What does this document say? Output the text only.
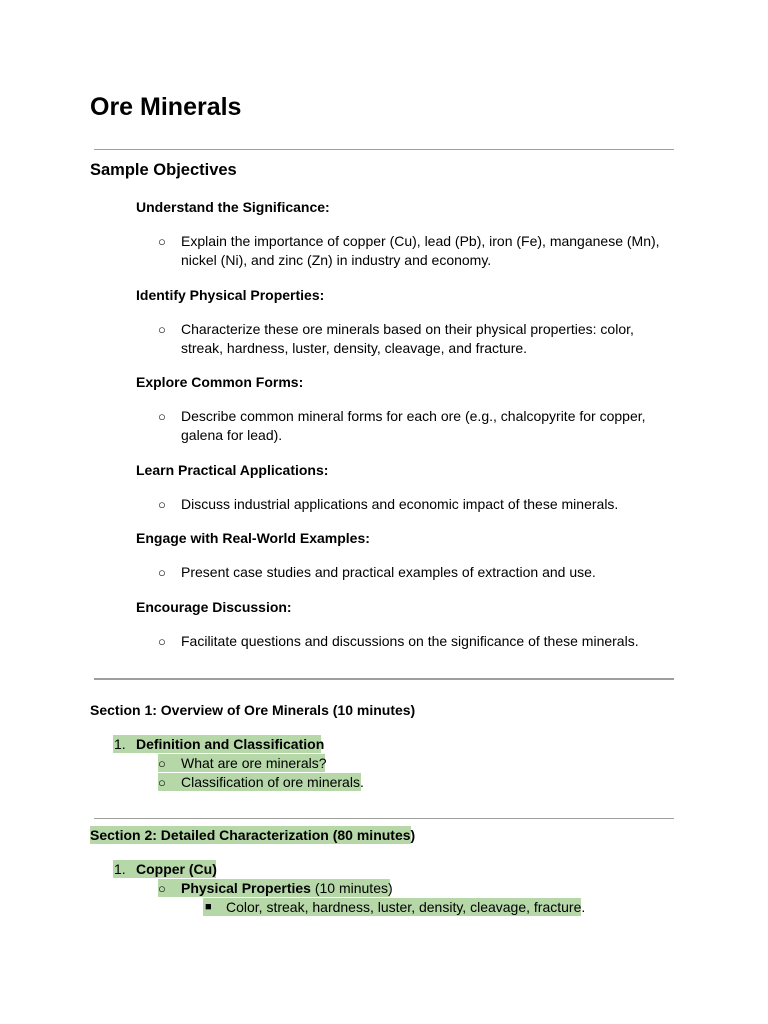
Ore Minerals
Sample Objectives
Understand the Significance:
○ Explain the importance of copper (Cu), lead (Pb), iron (Fe), manganese (Mn), nickel (Ni), and zinc (Zn) in industry and economy.
Identify Physical Properties:
○ Characterize these ore minerals based on their physical properties: color, streak, hardness, luster, density, cleavage, and fracture.
Explore Common Forms:
○ Describe common mineral forms for each ore (e.g., chalcopyrite for copper, galena for lead).
Learn Practical Applications:
○ Discuss industrial applications and economic impact of these minerals.
Engage with Real-World Examples:
○ Present case studies and practical examples of extraction and use.
Encourage Discussion:
○ Facilitate questions and discussions on the significance of these minerals.
Section 1: Overview of Ore Minerals (10 minutes)
1. Definition and Classification
○ What are ore minerals?
○ Classification of ore minerals.
Section 2: Detailed Characterization (80 minutes)
1. Copper (Cu)
○ Physical Properties (10 minutes)
■ Color, streak, hardness, luster, density, cleavage, fracture.
